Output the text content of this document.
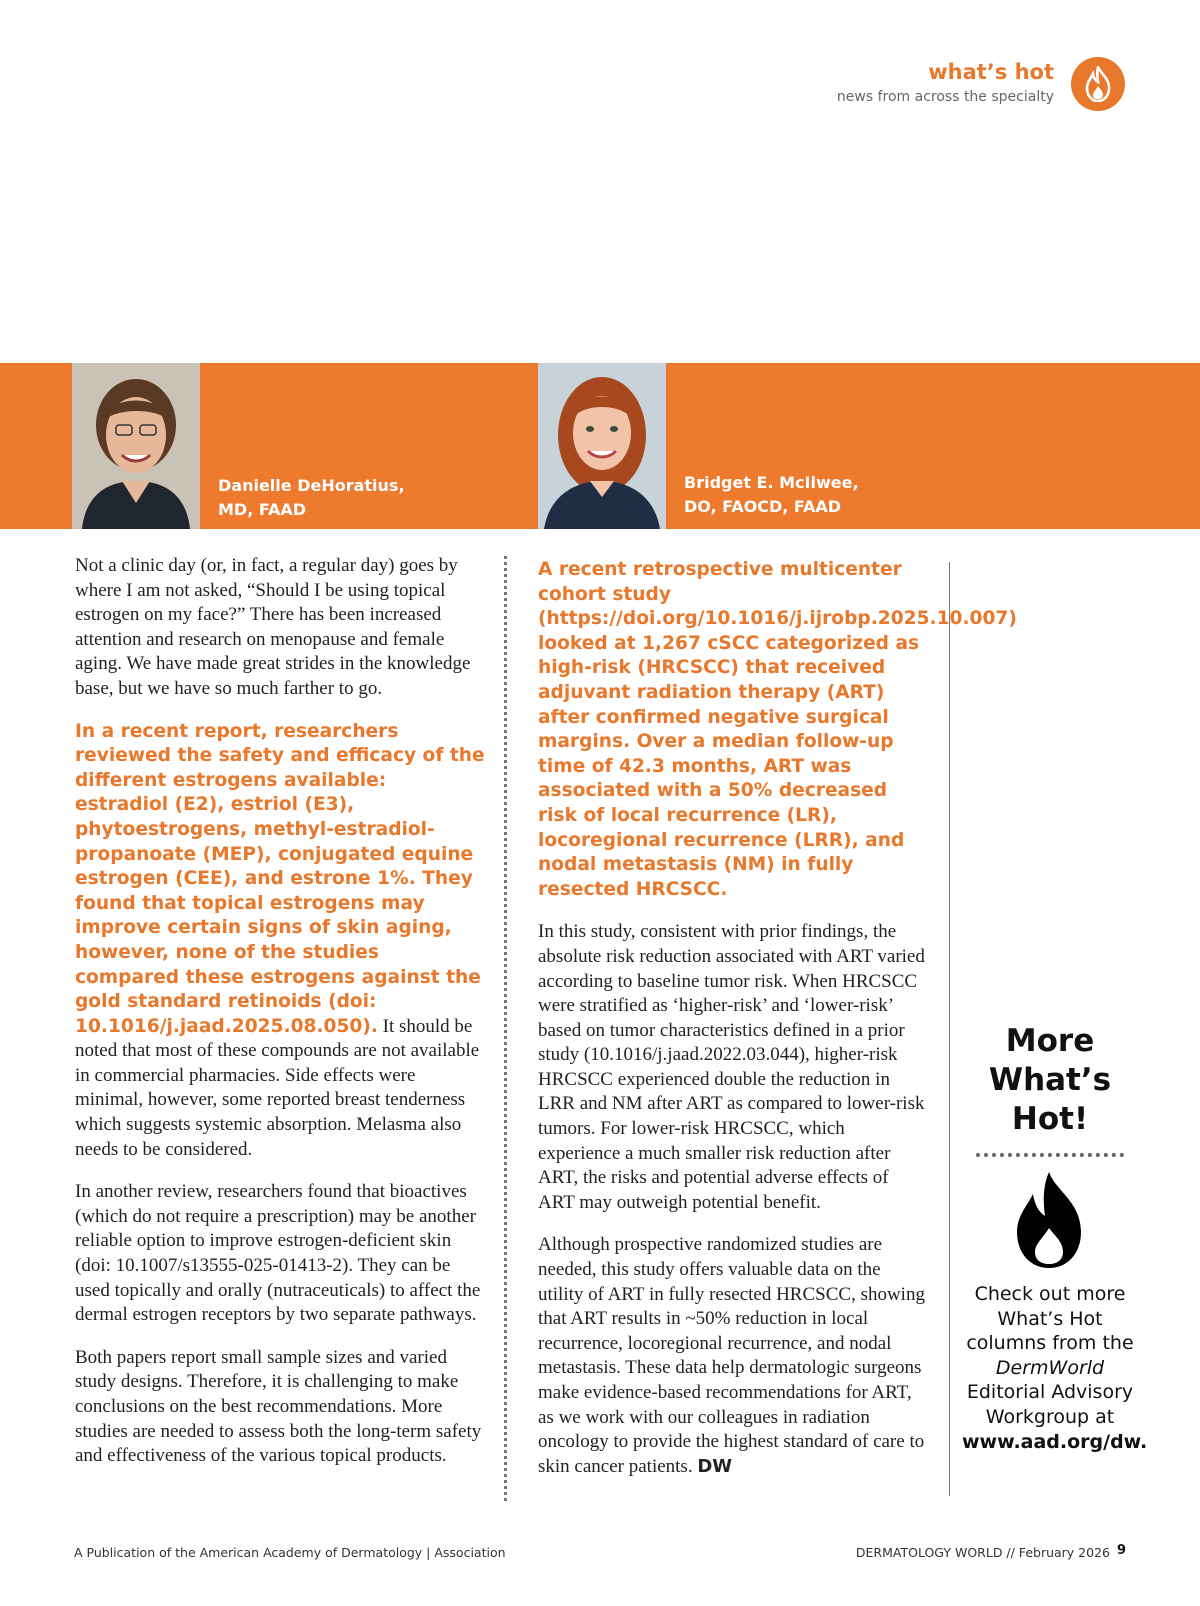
what’s hot
news from across the specialty
Danielle DeHoratius,
MD, FAAD
Bridget E. McIlwee,
DO, FAOCD, FAAD

Not a clinic day (or, in fact, a regular day) goes by where I am not asked, “Should I be using topical estrogen on my face?” There has been increased attention and research on menopause and female aging. We have made great strides in the knowledge base, but we have so much farther to go.

In a recent report, researchers reviewed the safety and efficacy of the different estrogens available: estradiol (E2), estriol (E3), phytoestrogens, methyl-estradiol-propanoate (MEP), conjugated equine estrogen (CEE), and estrone 1%. They found that topical estrogens may improve certain signs of skin aging, however, none of the studies compared these estrogens against the gold standard retinoids (doi: 10.1016/j.jaad.2025.08.050). It should be noted that most of these compounds are not available in commercial pharmacies. Side effects were minimal, however, some reported breast tenderness which suggests systemic absorption. Melasma also needs to be considered.

In another review, researchers found that bioactives (which do not require a prescription) may be another reliable option to improve estrogen-deficient skin (doi: 10.1007/s13555-025-01413-2). They can be used topically and orally (nutraceuticals) to affect the dermal estrogen receptors by two separate pathways.

Both papers report small sample sizes and varied study designs. Therefore, it is challenging to make conclusions on the best recommendations. More studies are needed to assess both the long-term safety and effectiveness of the various topical products.

A recent retrospective multicenter cohort study (https://doi.org/10.1016/j.ijrobp.2025.10.007) looked at 1,267 cSCC categorized as high-risk (HRCSCC) that received adjuvant radiation therapy (ART) after confirmed negative surgical margins. Over a median follow-up time of 42.3 months, ART was associated with a 50% decreased risk of local recurrence (LR), locoregional recurrence (LRR), and nodal metastasis (NM) in fully resected HRCSCC.

In this study, consistent with prior findings, the absolute risk reduction associated with ART varied according to baseline tumor risk. When HRCSCC were stratified as ‘higher-risk’ and ‘lower-risk’ based on tumor characteristics defined in a prior study (10.1016/j.jaad.2022.03.044), higher-risk HRCSCC experienced double the reduction in LRR and NM after ART as compared to lower-risk tumors. For lower-risk HRCSCC, which experience a much smaller risk reduction after ART, the risks and potential adverse effects of ART may outweigh potential benefit.

Although prospective randomized studies are needed, this study offers valuable data on the utility of ART in fully resected HRCSCC, showing that ART results in ~50% reduction in local recurrence, locoregional recurrence, and nodal metastasis. These data help dermatologic surgeons make evidence-based recommendations for ART, as we work with our colleagues in radiation oncology to provide the highest standard of care to skin cancer patients. DW

More
What’s
Hot!
Check out more What’s Hot columns from the DermWorld Editorial Advisory Workgroup at
www.aad.org/dw.
A Publication of the American Academy of Dermatology | Association	DERMATOLOGY WORLD // February 2026 9
